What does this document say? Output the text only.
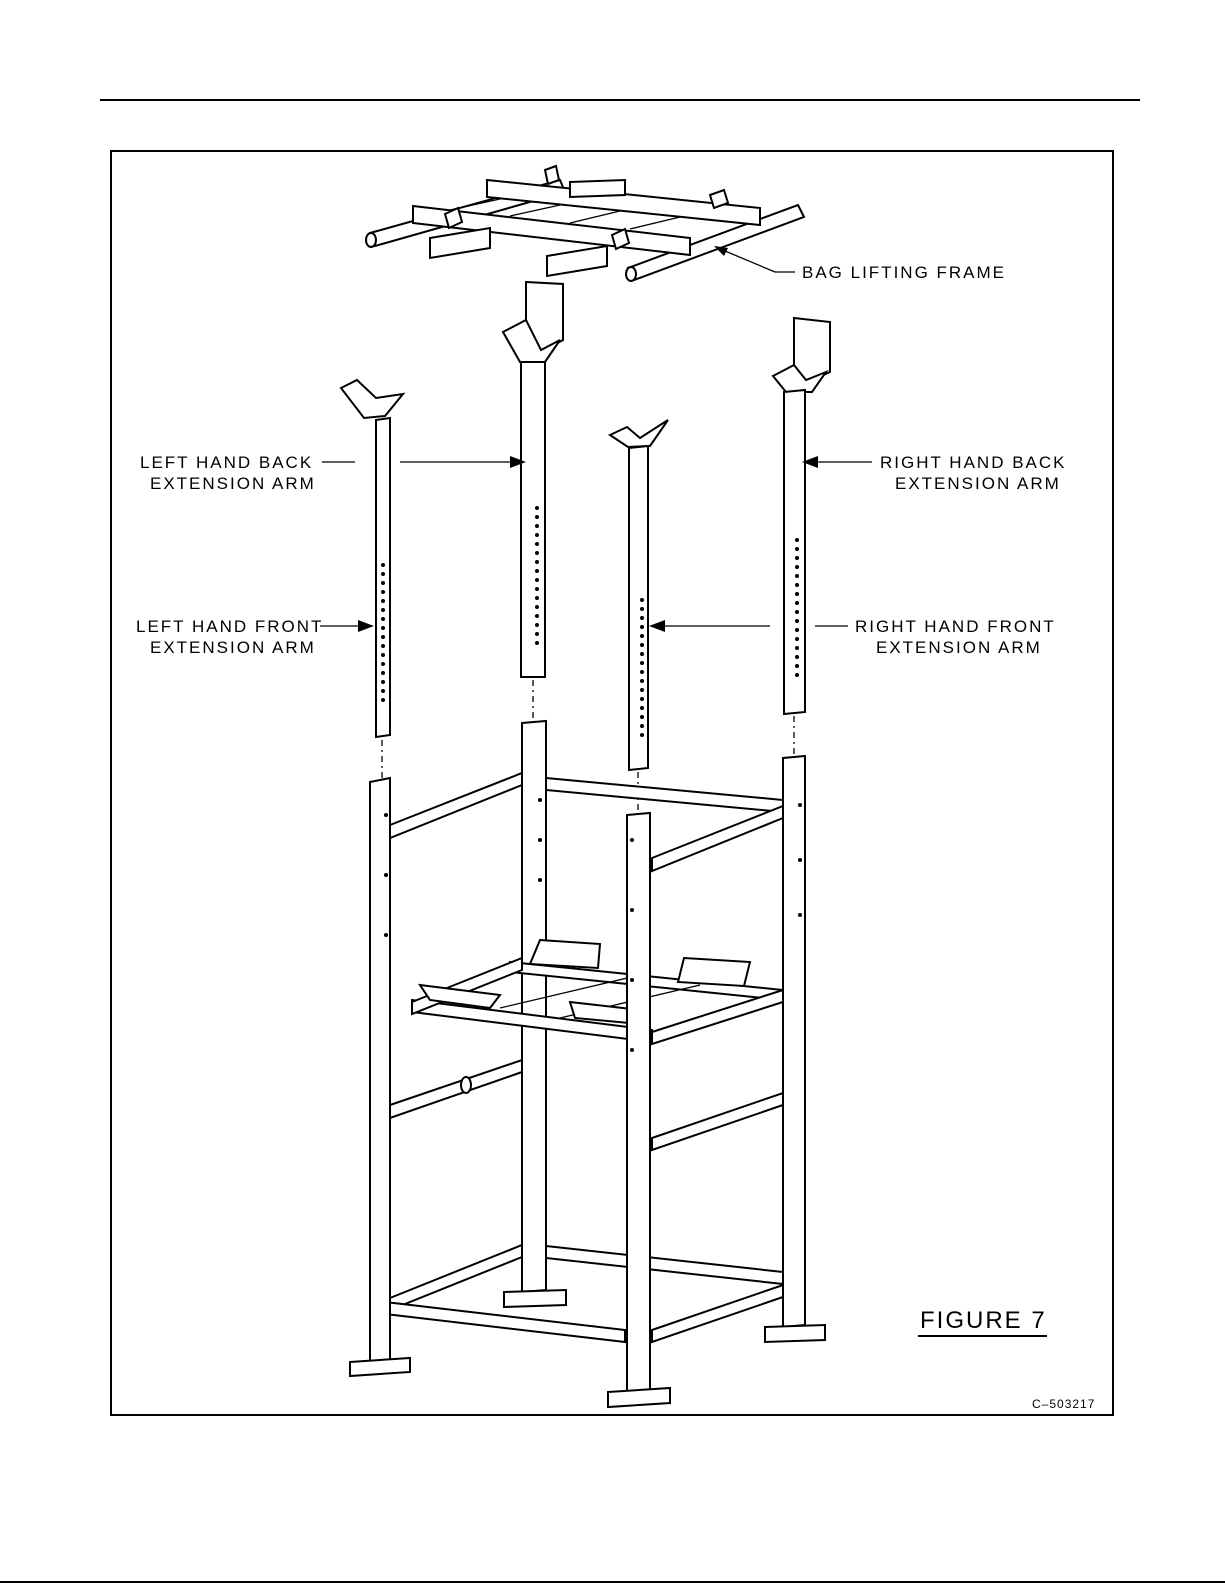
BAG LIFTING FRAME
LEFT HAND BACK
EXTENSION ARM
RIGHT HAND BACK
EXTENSION ARM
LEFT HAND FRONT
EXTENSION ARM
RIGHT HAND FRONT
EXTENSION ARM
FIGURE 7
C–503217
